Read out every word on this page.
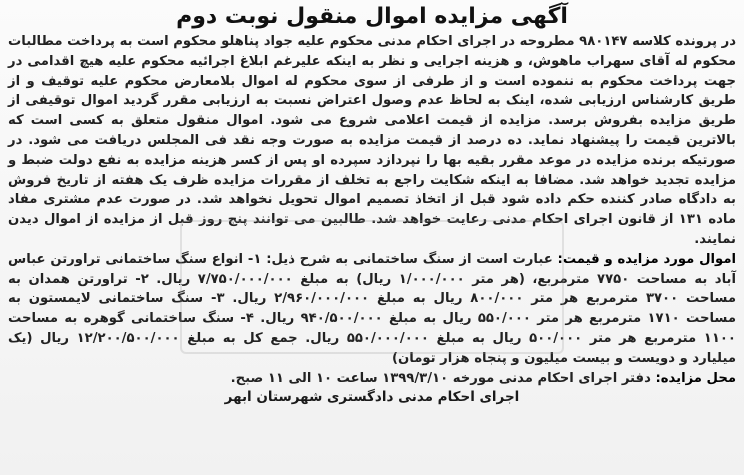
آگهی مزایده اموال منقول نوبت دوم

در پرونده کلاسه ۹۸۰۱۴۷ مطروحه در اجرای احکام مدنی محکوم علیه جواد پناهلو محکوم است به پرداخت مطالبات محکوم له آقای سهراب ماهوش، و هزینه اجرایی و نظر به اینکه علیرغم ابلاغ اجرائیه محکوم علیه هیچ اقدامی در جهت پرداخت محکوم به ننموده است و از طرفی از سوی محکوم له اموال بلامعارض محکوم علیه توقیف و از طریق کارشناس ارزیابی شده، اینک به لحاظ عدم وصول اعتراض نسبت به ارزیابی مقرر گردید اموال توقیفی از طریق مزایده بفروش برسد. مزایده از قیمت اعلامی شروع می شود. اموال منقول متعلق به کسی است که بالاترین قیمت را پیشنهاد نماید. ده درصد از قیمت مزایده به صورت وجه نقد فی المجلس دریافت می شود. در صورتیکه برنده مزایده در موعد مقرر بقیه بها را نپردازد سپرده او پس از کسر هزینه مزایده به نفع دولت ضبط و مزایده تجدید خواهد شد. مضافا به اینکه شکایت راجع به تخلف از مقررات مزایده ظرف یک هفته از تاریخ فروش به دادگاه صادر کننده حکم داده شود قبل از اتخاذ تصمیم اموال تحویل نخواهد شد. در صورت عدم مشتری مفاد ماده ۱۳۱ از قانون اجرای احکام مدنی رعایت خواهد شد. طالبین می توانند پنج روز قبل از مزایده از اموال دیدن نمایند.

اموال مورد مزایده و قیمت: عبارت است از سنگ ساختمانی به شرح ذیل: ۱- انواع سنگ ساختمانی تراورتن عباس آباد به مساحت ۷۷۵۰ مترمربع، (هر متر ۱/۰۰۰/۰۰۰ ریال) به مبلغ ۷/۷۵۰/۰۰۰/۰۰۰ ریال. ۲- تراورتن همدان به مساحت ۳۷۰۰ مترمربع هر متر ۸۰۰/۰۰۰ ریال به مبلغ ۲/۹۶۰/۰۰۰/۰۰۰ ریال. ۳- سنگ ساختمانی لایمستون به مساحت ۱۷۱۰ مترمربع هر متر ۵۵۰/۰۰۰ ریال به مبلغ ۹۴۰/۵۰۰/۰۰۰ ریال. ۴- سنگ ساختمانی گوهره به مساحت ۱۱۰۰ مترمربع هر متر ۵۰۰/۰۰۰ ریال به مبلغ ۵۵۰/۰۰۰/۰۰۰ ریال. جمع کل به مبلغ ۱۲/۲۰۰/۵۰۰/۰۰۰ ریال (یک میلیارد و دویست و بیست میلیون و پنجاه هزار تومان)

محل مزایده: دفتر اجرای احکام مدنی مورخه ۱۳۹۹/۳/۱۰ ساعت ۱۰ الی ۱۱ صبح.

اجرای احکام مدنی دادگستری شهرستان ابهر
